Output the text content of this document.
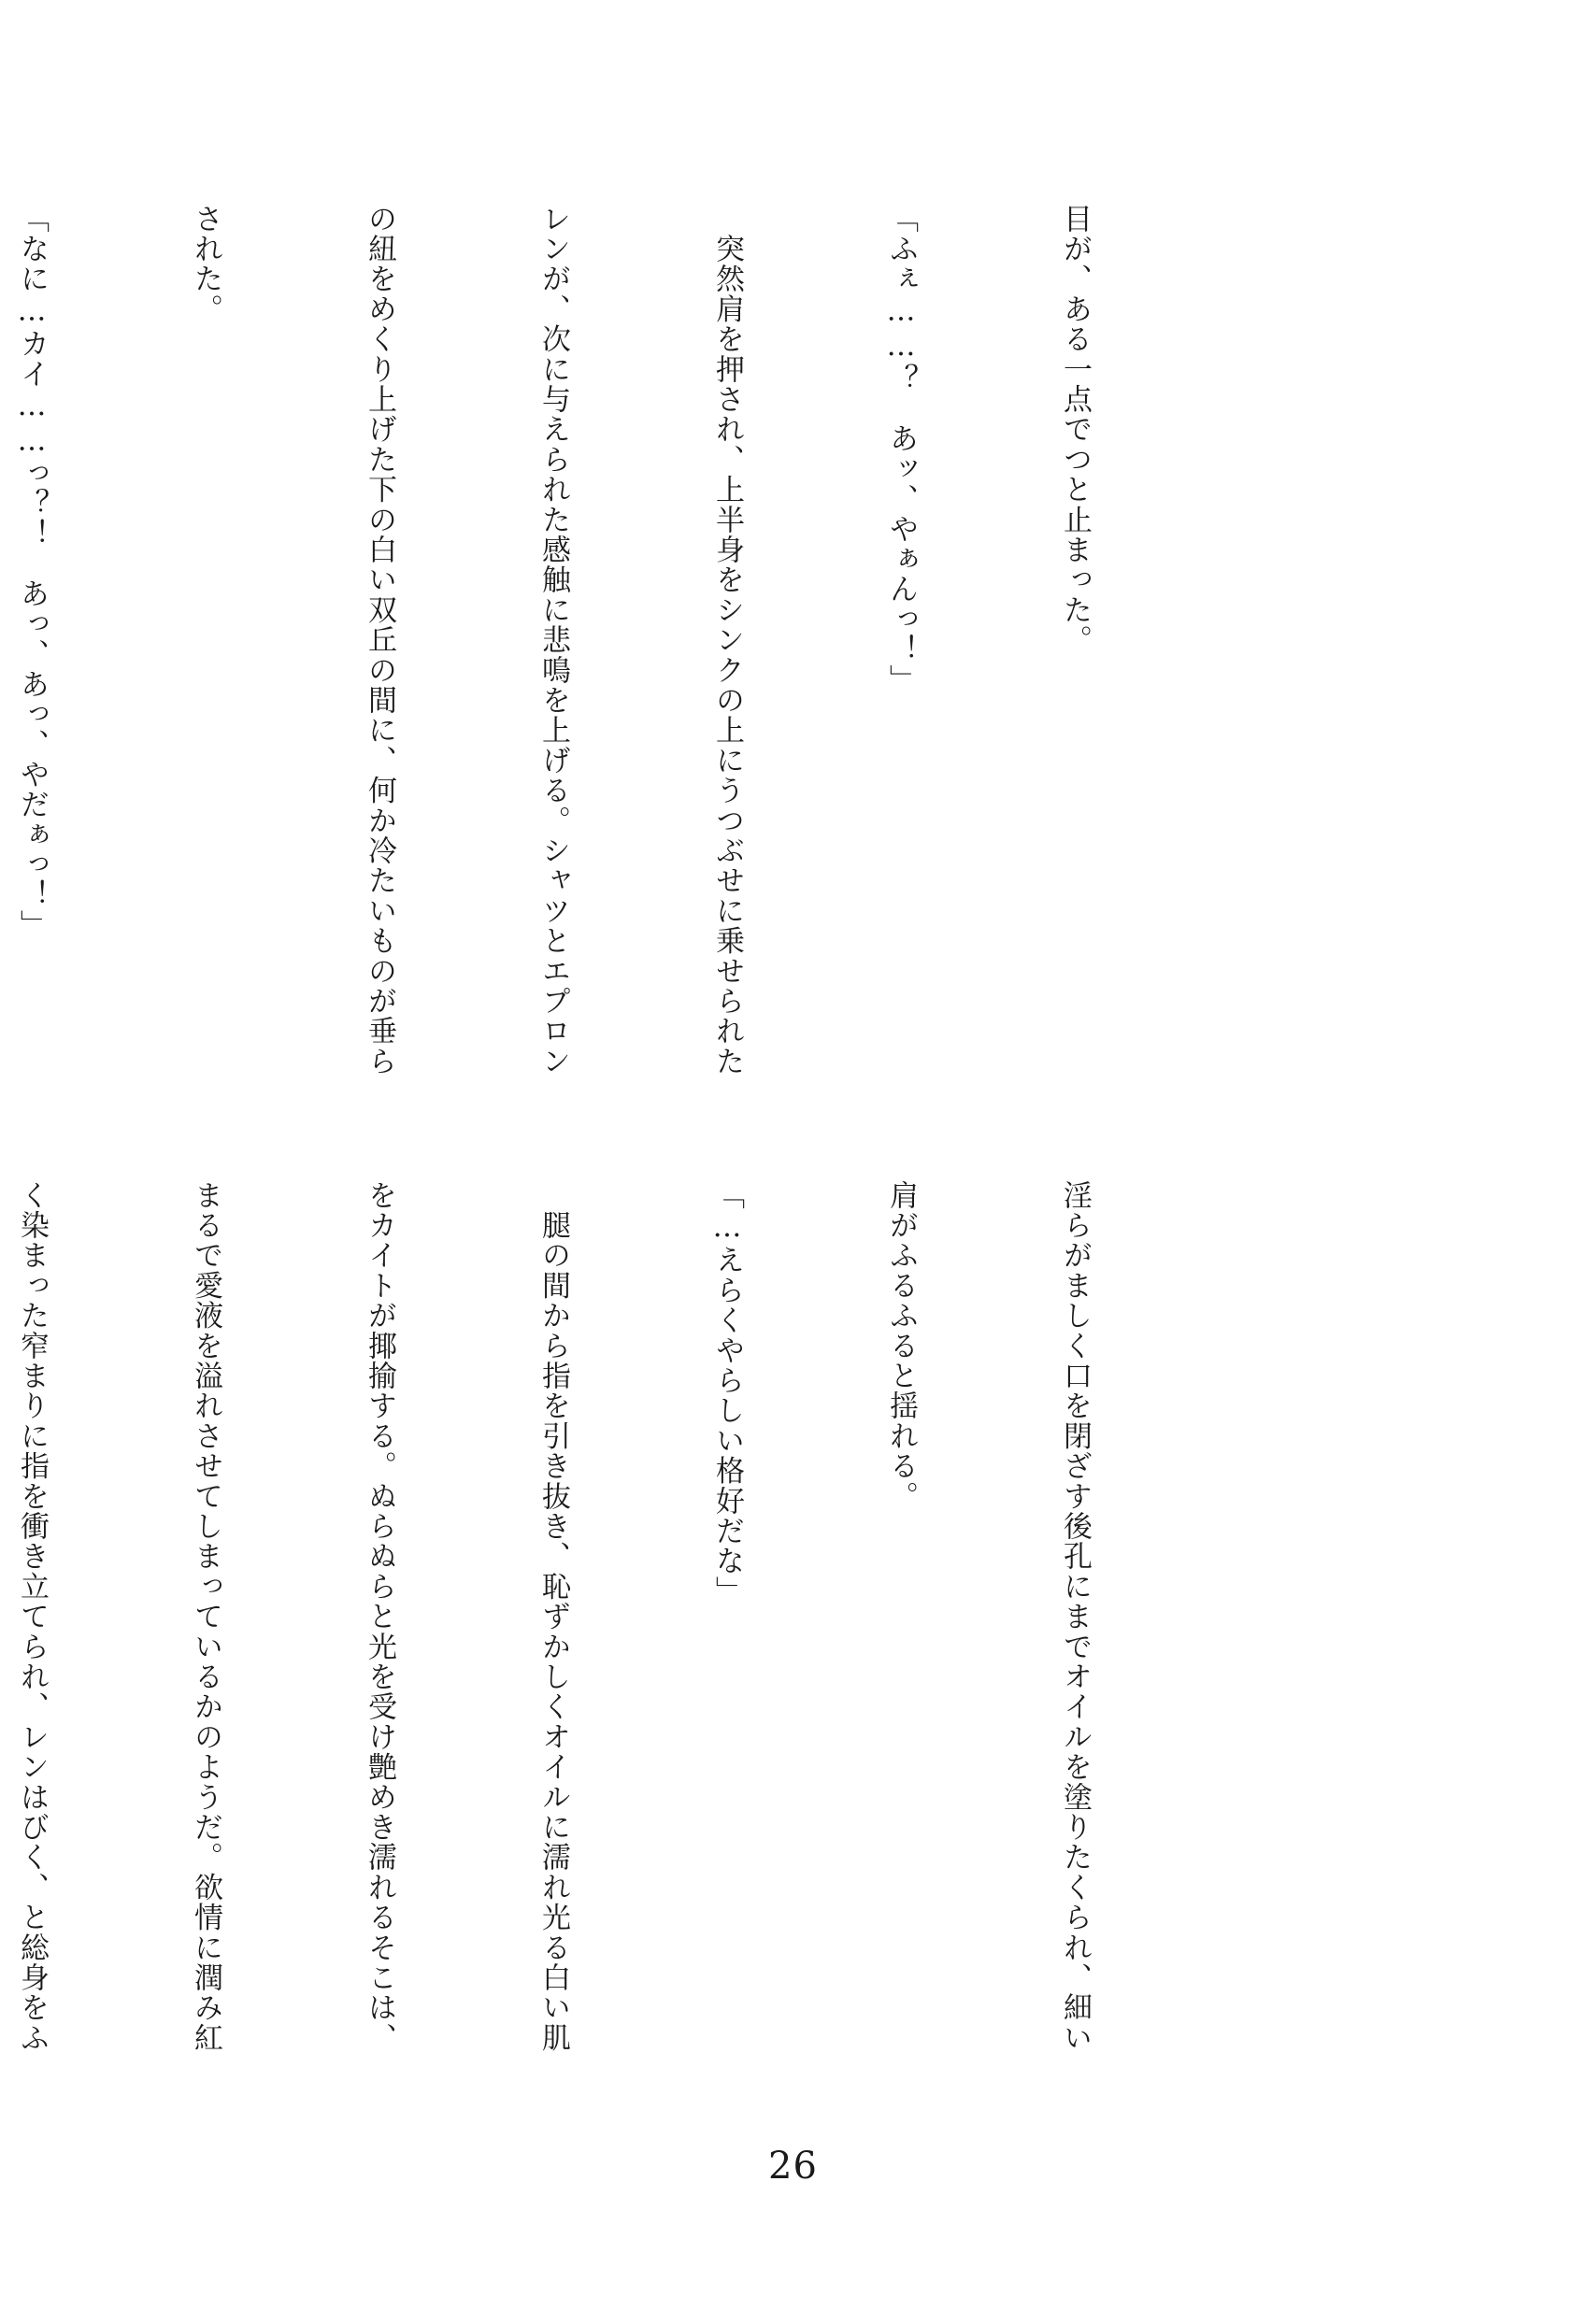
目が、ある一点でつと止まった。

「ふぇ……？　あッ、やぁんっ！」

　突然肩を押され、上半身をシンクの上にうつぶせに乗せられた

レンが、次に与えられた感触に悲鳴を上げる。シャツとエプロン

の紐をめくり上げた下の白い双丘の間に、何か冷たいものが垂ら

された。

「なに…カイ……っ？！　あっ、あっ、やだぁっ！」

淫らがましく口を閉ざす後孔にまでオイルを塗りたくられ、細い

肩がふるふると揺れる。

「…えらくやらしい格好だな」

　腿の間から指を引き抜き、恥ずかしくオイルに濡れ光る白い肌

をカイトが揶揄する。ぬらぬらと光を受け艶めき濡れるそこは、

まるで愛液を溢れさせてしまっているかのようだ。欲情に潤み紅

く染まった窄まりに指を衝き立てられ、レンはびく、と総身をふ

26
